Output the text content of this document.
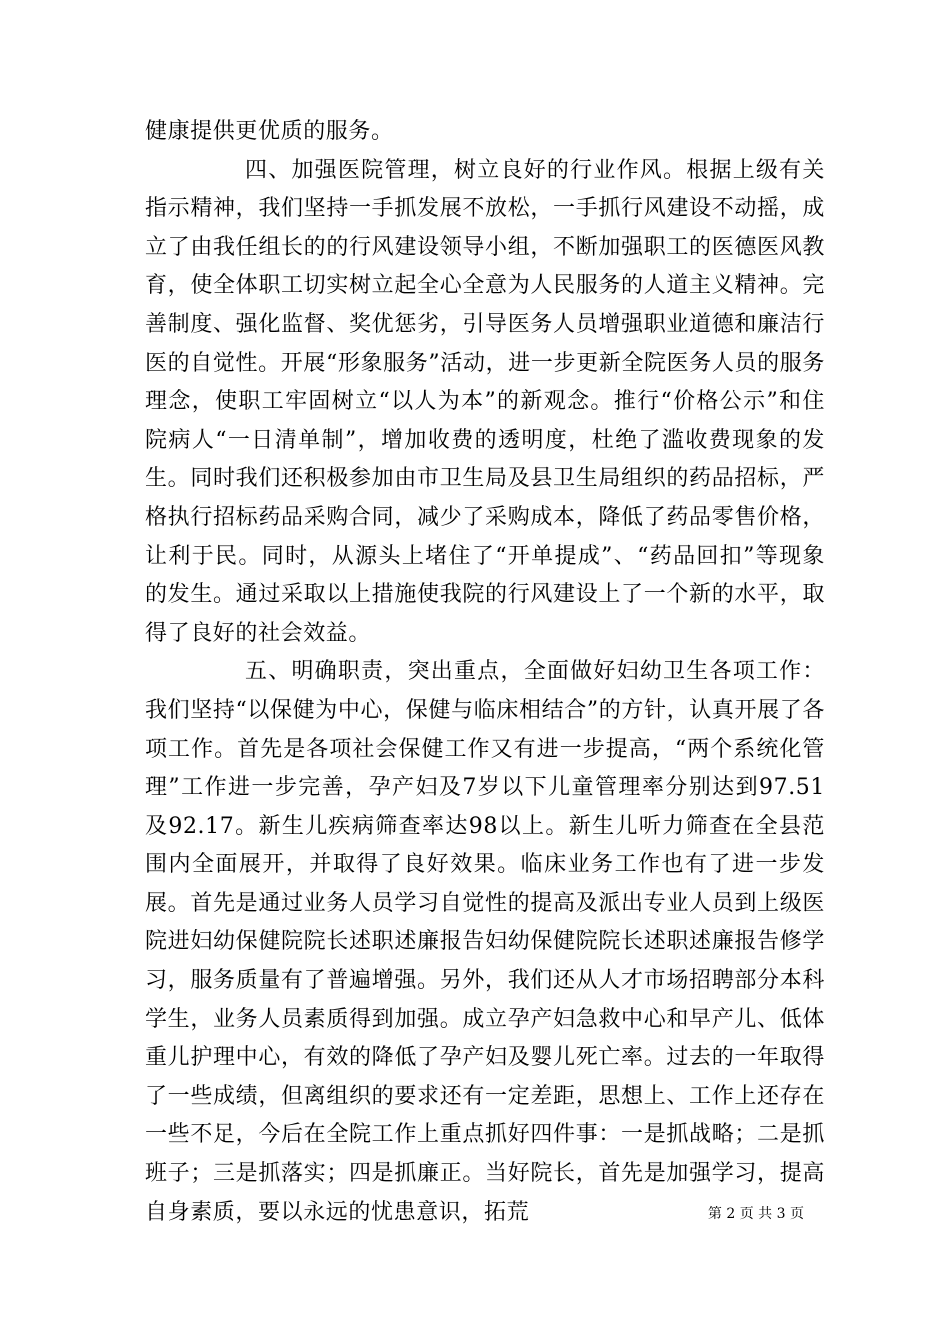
健康提供更优质的服务。

四、加强医院管理，树立良好的行业作风。根据上级有关指示精神，我们坚持一手抓发展不放松，一手抓行风建设不动摇，成立了由我任组长的的行风建设领导小组，不断加强职工的医德医风教育，使全体职工切实树立起全心全意为人民服务的人道主义精神。完善制度、强化监督、奖优惩劣，引导医务人员增强职业道德和廉洁行医的自觉性。开展“形象服务”活动，进一步更新全院医务人员的服务理念，使职工牢固树立“以人为本”的新观念。推行“价格公示”和住院病人“一日清单制”，增加收费的透明度，杜绝了滥收费现象的发生。同时我们还积极参加由市卫生局及县卫生局组织的药品招标，严格执行招标药品采购合同，减少了采购成本，降低了药品零售价格，让利于民。同时，从源头上堵住了“开单提成”、“药品回扣”等现象的发生。通过采取以上措施使我院的行风建设上了一个新的水平，取得了良好的社会效益。

五、明确职责，突出重点，全面做好妇幼卫生各项工作：我们坚持“以保健为中心，保健与临床相结合”的方针，认真开展了各项工作。首先是各项社会保健工作又有进一步提高，“两个系统化管理”工作进一步完善，孕产妇及7岁以下儿童管理率分别达到97.51及92.17。新生儿疾病筛查率达98以上。新生儿听力筛查在全县范围内全面展开，并取得了良好效果。临床业务工作也有了进一步发展。首先是通过业务人员学习自觉性的提高及派出专业人员到上级医院进妇幼保健院院长述职述廉报告妇幼保健院院长述职述廉报告修学习，服务质量有了普遍增强。另外，我们还从人才市场招聘部分本科学生，业务人员素质得到加强。成立孕产妇急救中心和早产儿、低体重儿护理中心，有效的降低了孕产妇及婴儿死亡率。过去的一年取得了一些成绩，但离组织的要求还有一定差距，思想上、工作上还存在一些不足，今后在全院工作上重点抓好四件事：一是抓战略；二是抓班子；三是抓落实；四是抓廉正。当好院长，首先是加强学习，提高自身素质，要以永远的忧患意识，拓荒	第 2 页 共 3 页
